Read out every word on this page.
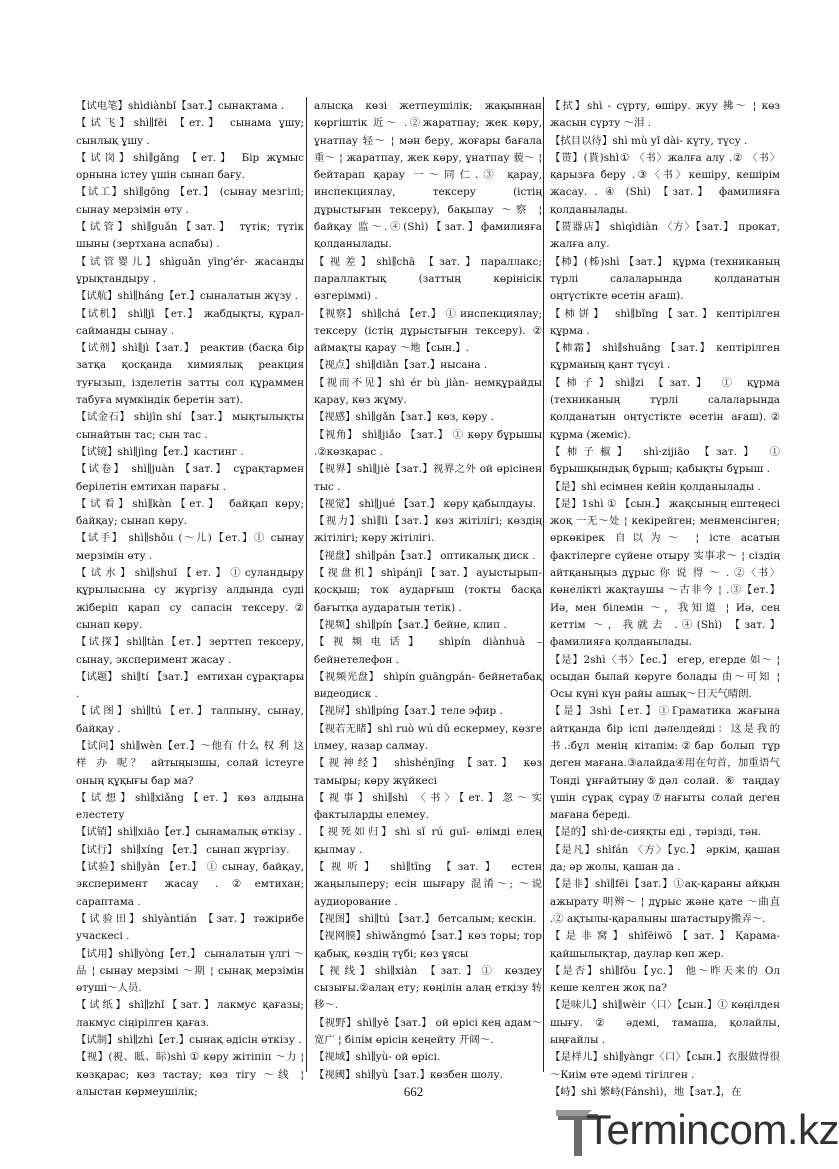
【试电笔】shìdiànbǐ【зат.】сынақтама .

【试飞】shì∥fēi 【ет.】 сынама ұшу; сынлық ұшу .

【试岗】shì∥gǎng 【ет.】 Бір жұмыс орнына істеу үшін сынап бағу.

【试工】shì∥gōng 【ет.】 (сынау мезгілі; сынау мерзімін өту .

【试管】shì∥guǎn【зат.】 түтік; түтік шыны (зертхана аспабы) .

【试管婴儿】shìguǎn yīng'ér- жасанды ұрықтандыру .

【试航】shì∥háng【ет.】сыналатын жүзу .

【试机】 shì∥jī 【ет.】 жабдықты, құрал-сайманды сынау .

【试剂】shì∥jì【зат.】 реактив (басқа бір затқа қосқанда химиялық реакция туғызып, ізделетін затты сол құраммен табуға мүмкіндік беретін зат).

【试金石】 shìjīn shí 【зат.】 мықтылықты сынайтын тас; сын тас .

【试镜】shì∥jìng【ет.】кастинг .

【试卷】 shì∥juàn 【зат.】 сұрақтармен берілетін емтихан парағы .

【试看】shì∥kàn【ет.】 байқап көру; байқау; сынап көру.

【试手】 shì∥shǒu (～儿)【ет.】① сынау мерзімін өту .

【试水】shì∥shuǐ【ет.】①суландыру құрылысына су жүргізу алдында суді жіберіп қарап су сапасін тексеру.② сынап көру.

【试探】shì∥tàn【ет.】зерттеп тексеру, сынау, эксперимент жасау .

【试题】 shì∥tí 【зат.】 емтихан сұрақтары .

【试图】shì∥tú【ет.】талпыну, сынау, байқау .

【试问】shì∥wèn【ет.】～他有 什么 权 利 这 样 办 呢？ айтыңызшы, солай істеуге оның құқығы бар ма?

【试想】shì∥xiǎng【ет.】көз алдына елестету

【试销】shì∥xiāo【ет.】сынамалық өткізу .

【试行】 shì∥xíng 【ет.】 сынап жүргізу.

【试验】shì∥yàn 【ет.】 ① сынау, байқау, эксперимент жасау .②емтихан; сараптама .

【试验田】shìyàntián 【зат.】тәжірибе учаскесі .

【试用】shì∥yòng【ет.】 сыналатын үлгі ～品 ¦ сынау мерзімі ～期 ¦ сынақ мерзімін өтуші～人员.

【试纸】shì∥zhǐ【зат.】лакмус қағазы; лакмус сіңірілген қағаз.

【试制】shì∥zhì【ет.】сынақ әдісін өткізу .

【视】(視、眡、眎)shì ① көру жітіпіп ～力 ¦ көзқарас; көз тастау; көз тігу ～线 ¦ алыстан көрмеушілік;

алысқа көзі жетпеушілік; жақыннан көргіштік 近～ .②жаратпау; жек көру, ұнатпау 轻～ ¦ мән беру, жоғары бағала 重～ ¦ жаратпау, жек көру, ұнатпау 藐～ ¦ бейтарап қарау 一～同仁.③ қарау, инспекциялау, тексеру (істің дұрыстығын тексеру), бақылау ～察 ¦ байқау 监～.④(Shì)【зат.】фамилияға қолданылады.

【视差】shì∥chā 【зат.】параллакс; параллактық (заттың көрінісік өзгеріммі) .

【视察】 shì∥chá 【ет.】 ① инспекциялау; тексеру (істің дұрыстығын тексеру). ② аймақты қарау ～地【сын.】.

【视点】shì∥diǎn【зат.】нысана .

【视而不见】shì ér bù jiàn- немқұрайды қарау, көз жұму.

【视感】shì∥gǎn【зат.】көз, көру .

【视角】 shì∥jiǎo 【зат.】 ① көру бұрышы .②көзқарас .

【视界】shì∥jiè【зат.】视界之外 ой өрісінен тыс .

【视觉】 shì∥jué 【зат.】 көру қабылдауы.

【视力】shì∥lì【зат.】көз жітілігі; көздің жітілігі; көру жітілігі.

【视盘】shì∥pán【зат.】 оптикалық диск .

【视盘机】shìpánjī【зат.】ауыстырып-қосқыш; ток аударғыш (токты басқа бағытқа аударатын тетік) .

【视频】shì∥pín【зат.】бейне, клип .

【视频电话】 shìpín diànhuà – бейнетелефон .

【视频光盘】 shìpín guāngpán- бейнетабақ видеодиск .

【视屏】shì∥píng【зат.】теле эфир .

【视若无睹】shì ruò wú dǔ ескермеу, көзге ілмеу, назар салмау.

【视神经】 shìshénjīng 【зат.】 көз тамыры; көру жүйкесі

【视事】shì∥shì 〈书〉【ет.】忽～实 фактыларды елемеу.

【视死如归】shì sǐ rú guī- өлімді елең қылмау .

【视听】 shì∥tīng 【зат.】 естен жаңылыперу; есін шығару 混淆～; ～说 аудиорование .

【视图】 shì∥tú 【зат.】 бетсалым; кескін.

【视网膜】shìwǎngmó【зат.】көз торы; тор қабық, көздің түбі; көз ұясы

【视线】shì∥xiàn 【зат.】① көздеу сызығы.②алаң ету; көңілін алаң етқізу 转移～.

【视野】shì∥yě【зат.】 ой өрісі кең адам～宽广 ¦ білім өрісін кеңейту 开阔～.

【视域】shì∥yù- ой өрісі.

【视阈】shì∥yù【зат.】көзбен шолу.

【拭】shì - сүрту, өшіру. жуу 拂～ ¦ көз жасын сүрту ～泪 .

【拭目以待】shì mù yǐ dài- күту, түсу .

【贳】(貰)shì① 〈书〉жалға алу .② 〈书〉қарызға беру .③〈书〉кешіру, кешірім жасау. . ④ (Shì) 【зат.】 фамилияға қолданылады.

【贳器店】 shìqìdiàn 〈方〉【зат.】 прокат, жалға алу.

【柿】(柹)shì 【зат.】 құрма (техниканың түрлі салаларында қолданатын оңтүстікте өсетін ағаш).

【柿饼】 shì∥bǐng【зат.】кептірілген құрма .

【柿霜】 shì∥shuāng 【зат.】 кептірілген құрманың қант түсуі .

【柿子】shì∥zi 【зат.】 ① құрма (техниканың түрлі салаларында қолданатын оңтүстікте өсетін ағаш).② құрма (жеміс).

【柿子椒】 shì·zijiāo 【зат.】 ① бұрышқындық бұрыш; қабықты бұрыш .

【是】shì есімнен кейін қолданылады .

【是】1shì ① 【сын.】 жақсының ештеңесі жоқ 一无～处 ¦ кекірейген; менменсінген; өркөкірек 自以为～ ¦ істе асатын фактілерге сүйене отыру 实事求～ ¦ сіздің айтқаныңыз дұрыс 你 说 得 ～ . ②〈书〉 көнелікті жақтаушы ～古非今 ¦ .③【ет.】 Иә, мен білемін ～，我知道 ¦ Иә, сен кеттім ～，我就去 .④(Shì) 【зат.】 фамилияға қолданылады.

【是】2shì〈书〉【ес.】 егер, егерде 如～ ¦ осыдан былай көруге болады 由～可知 ¦ Осы күні күн райы ашық～日天气晴朗.

【是】3shì【ет.】①Граматика жағына айтқанда бір іспі дәлелдейді：这是我的书.:бұл менің кітапім:②бар болып тұр деген мағана.③алайда④用在句首，加重语气 Тонді ұнғайтыну⑤дәл солай. ⑥ таңдау үшін сұрақ сұрау⑦нағыты солай деген мағана береді.

【是的】shì·de-сияқты еді , тәрізді, тән.

【是凡】shìfán 〈方〉【ус.】 әркім, қашан да; әр жолы, қашан да .

【是非】shì∥fēi【зат.】①ақ-қараны айқын ажырату 明辨～ ¦ дұрыс және қате ～曲直 .② ақтылы-қаралыны шатастыру搬弄～.

【是非窝】shìfēiwō【зат.】Қарама-қайшылықтар, даулар көп жер.

【是否】shì∥fǒu【ус.】 他～昨天来的 Ол кеше келген жоқ па?

【是味儿】shì∥wèir〈口〉【сын.】① көңілден шығу. ② әдемі, тамаша, қолайлы, ыңғайлы .

【是样儿】shì∥yàngr〈口〉【сын.】衣服做得很～Киім өте әдемі тігілген .

【峙】shì 繁峙(Fánshì)，地【зат.】，在

662
Termincom.kz
